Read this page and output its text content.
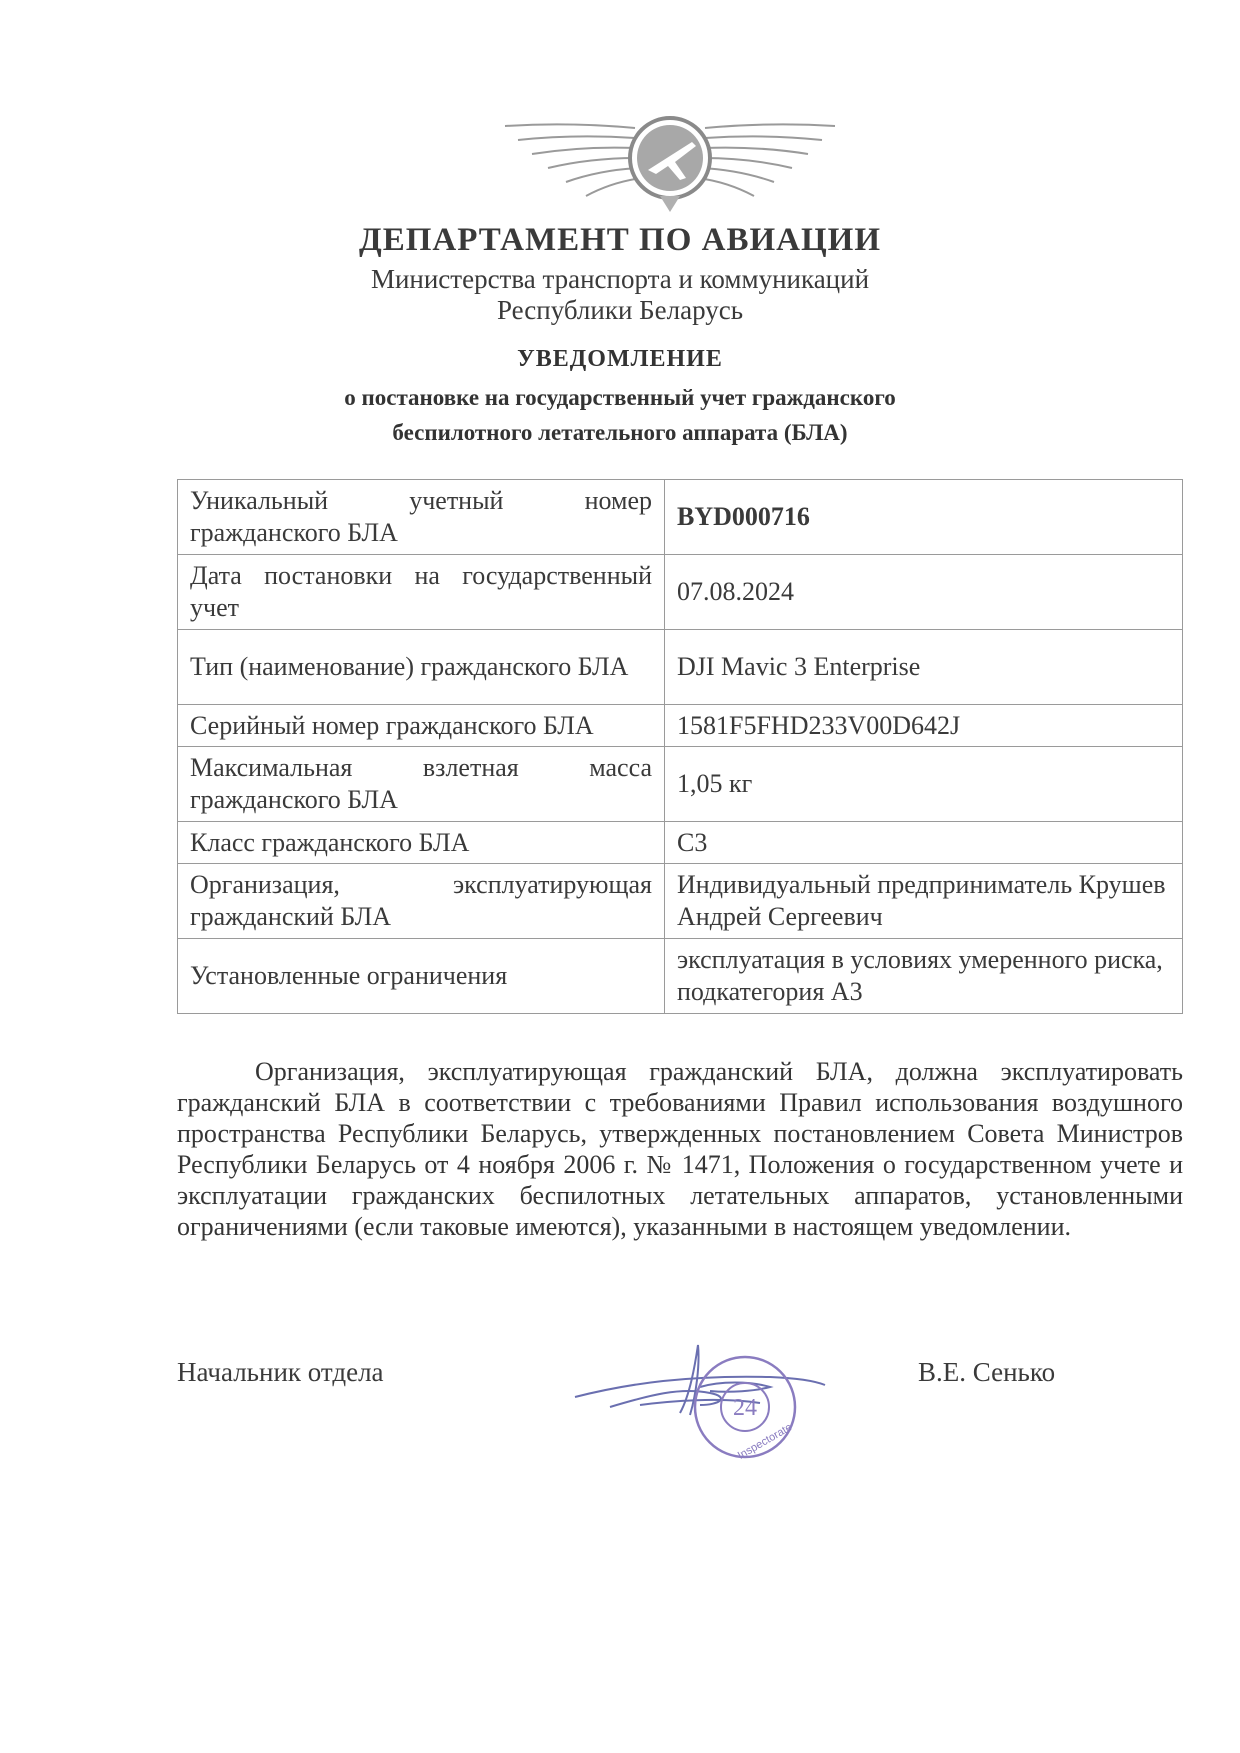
ДЕПАРТАМЕНТ ПО АВИАЦИИ
Министерства транспорта и коммуникаций
Республики Беларусь
УВЕДОМЛЕНИЕ
о постановке на государственный учет гражданского
беспилотного летательного аппарата (БЛА)
Уникальный учетный номер гражданского БЛА	BYD000716
Дата постановки на государственный учет	07.08.2024
Тип (наименование) гражданского БЛА	DJI Mavic 3 Enterprise
Серийный номер гражданского БЛА	1581F5FHD233V00D642J
Максимальная взлетная масса гражданского БЛА	1,05 кг
Класс гражданского БЛА	С3
Организация, эксплуатирующая гражданский БЛА	Индивидуальный предприниматель Крушев Андрей Сергеевич
Установленные ограничения	эксплуатация в условиях умеренного риска, подкатегория А3
Организация, эксплуатирующая гражданский БЛА, должна эксплуатировать гражданский БЛА в соответствии с требованиями Правил использования воздушного пространства Республики Беларусь, утвержденных постановлением Совета Министров Республики Беларусь от 4 ноября 2006 г. № 1471, Положения о государственном учете и эксплуатации гражданских беспилотных летательных аппаратов, установленными ограничениями (если таковые имеются), указанными в настоящем уведомлении.
Начальник отдела
24
Inspectorate
В.Е. Сенько
